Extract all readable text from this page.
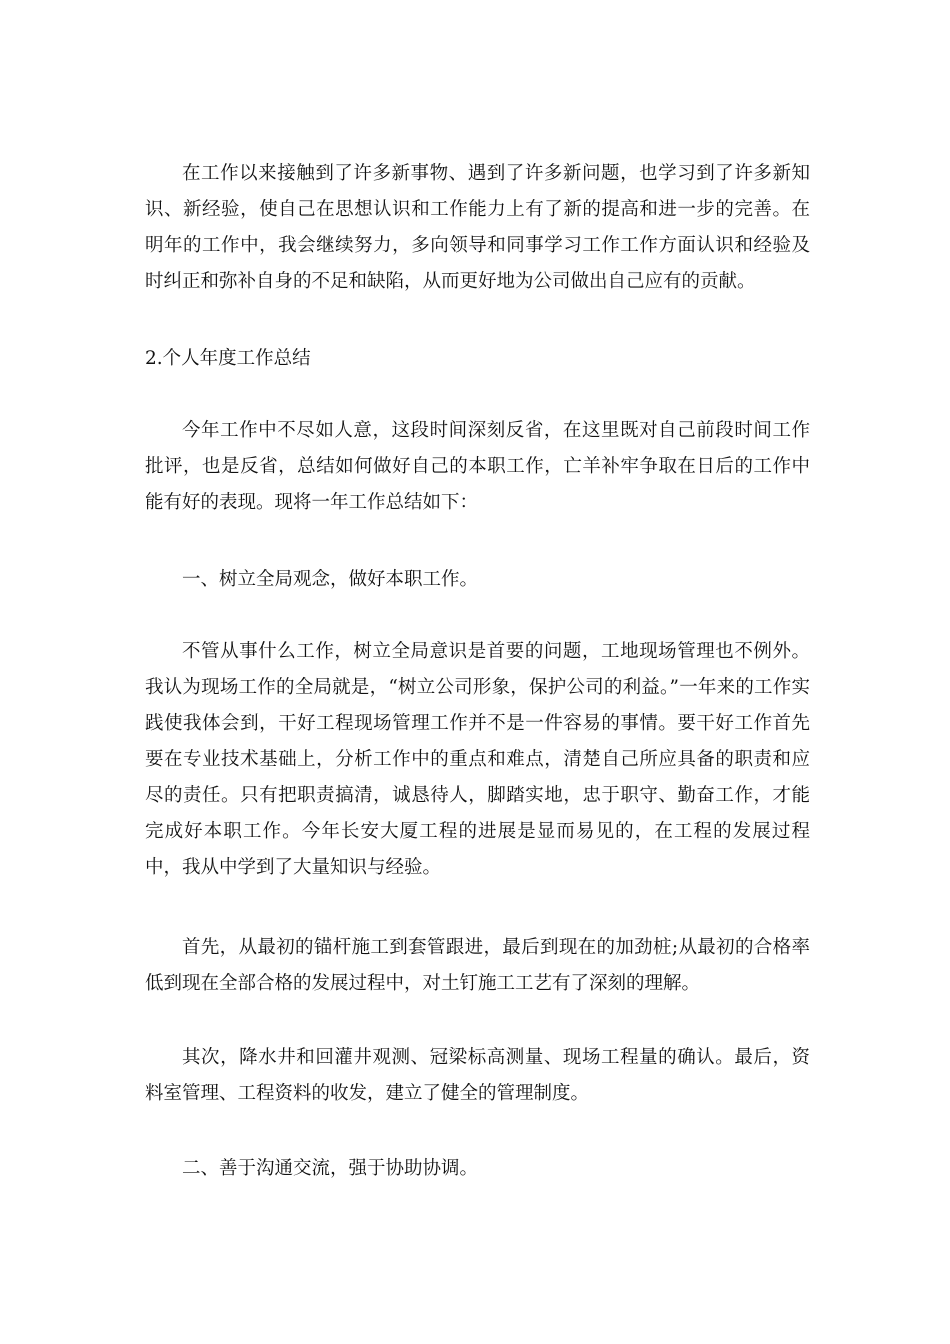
在工作以来接触到了许多新事物、遇到了许多新问题，也学习到了许多新知识、新经验，使自己在思想认识和工作能力上有了新的提高和进一步的完善。在明年的工作中，我会继续努力，多向领导和同事学习工作工作方面认识和经验及时纠正和弥补自身的不足和缺陷，从而更好地为公司做出自己应有的贡献。

2.个人年度工作总结

今年工作中不尽如人意，这段时间深刻反省，在这里既对自己前段时间工作批评，也是反省，总结如何做好自己的本职工作，亡羊补牢争取在日后的工作中能有好的表现。现将一年工作总结如下：

一、树立全局观念，做好本职工作。

不管从事什么工作，树立全局意识是首要的问题，工地现场管理也不例外。我认为现场工作的全局就是，“树立公司形象，保护公司的利益。”一年来的工作实践使我体会到，干好工程现场管理工作并不是一件容易的事情。要干好工作首先要在专业技术基础上，分析工作中的重点和难点，清楚自己所应具备的职责和应尽的责任。只有把职责搞清，诚恳待人，脚踏实地，忠于职守、勤奋工作，才能完成好本职工作。今年长安大厦工程的进展是显而易见的，在工程的发展过程中，我从中学到了大量知识与经验。

首先，从最初的锚杆施工到套管跟进，最后到现在的加劲桩;从最初的合格率低到现在全部合格的发展过程中，对土钉施工工艺有了深刻的理解。

其次，降水井和回灌井观测、冠梁标高测量、现场工程量的确认。最后，资料室管理、工程资料的收发，建立了健全的管理制度。

二、善于沟通交流，强于协助协调。
